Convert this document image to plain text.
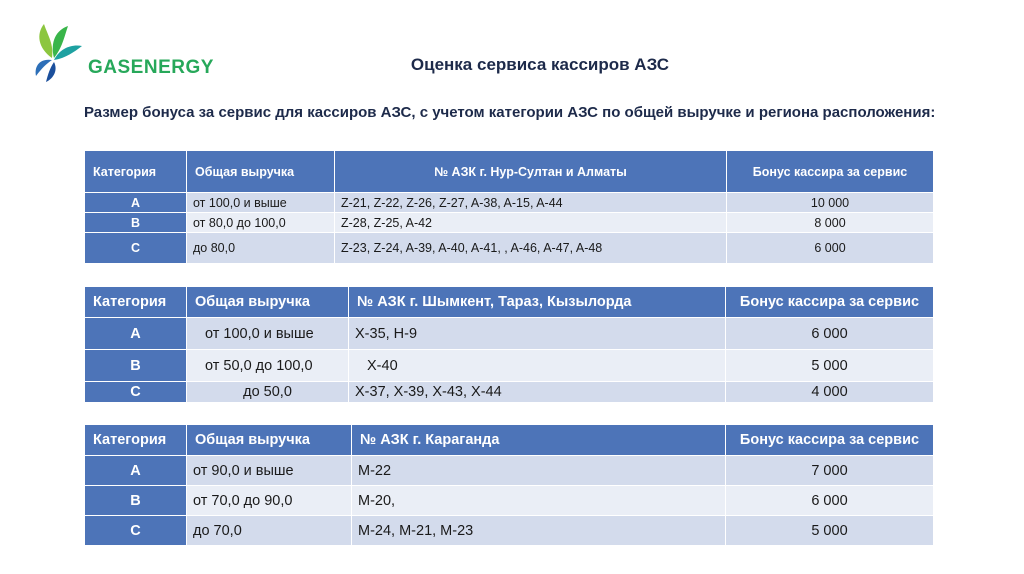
GASENERGY	Оценка сервиса кассиров АЗС
Размер бонуса за сервис для кассиров АЗС, с учетом категории АЗС по общей выручке и региона расположения:
Категория	Общая выручка	№ АЗК г. Нур-Султан и Алматы	Бонус кассира за сервис
A	от 100,0 и выше	Z-21, Z-22, Z-26, Z-27, A-38, A-15, A-44	10 000
B	от 80,0 до 100,0	Z-28, Z-25, A-42	8 000
C	до 80,0	Z-23, Z-24, A-39, A-40, A-41, , A-46, A-47, A-48	6 000
Категория	Общая выручка	№ АЗК г. Шымкент, Тараз, Кызылорда	Бонус кассира за сервис
A	от 100,0 и выше	X-35, H-9	6 000
B	от 50,0 до 100,0	X-40	5 000
C	до 50,0	X-37, X-39, X-43, X-44	4 000
Категория	Общая выручка	№ АЗК г. Караганда	Бонус кассира за сервис
A	от 90,0 и выше	M-22	7 000
B	от 70,0 до 90,0	M-20,	6 000
C	до 70,0	M-24, M-21, M-23	5 000
